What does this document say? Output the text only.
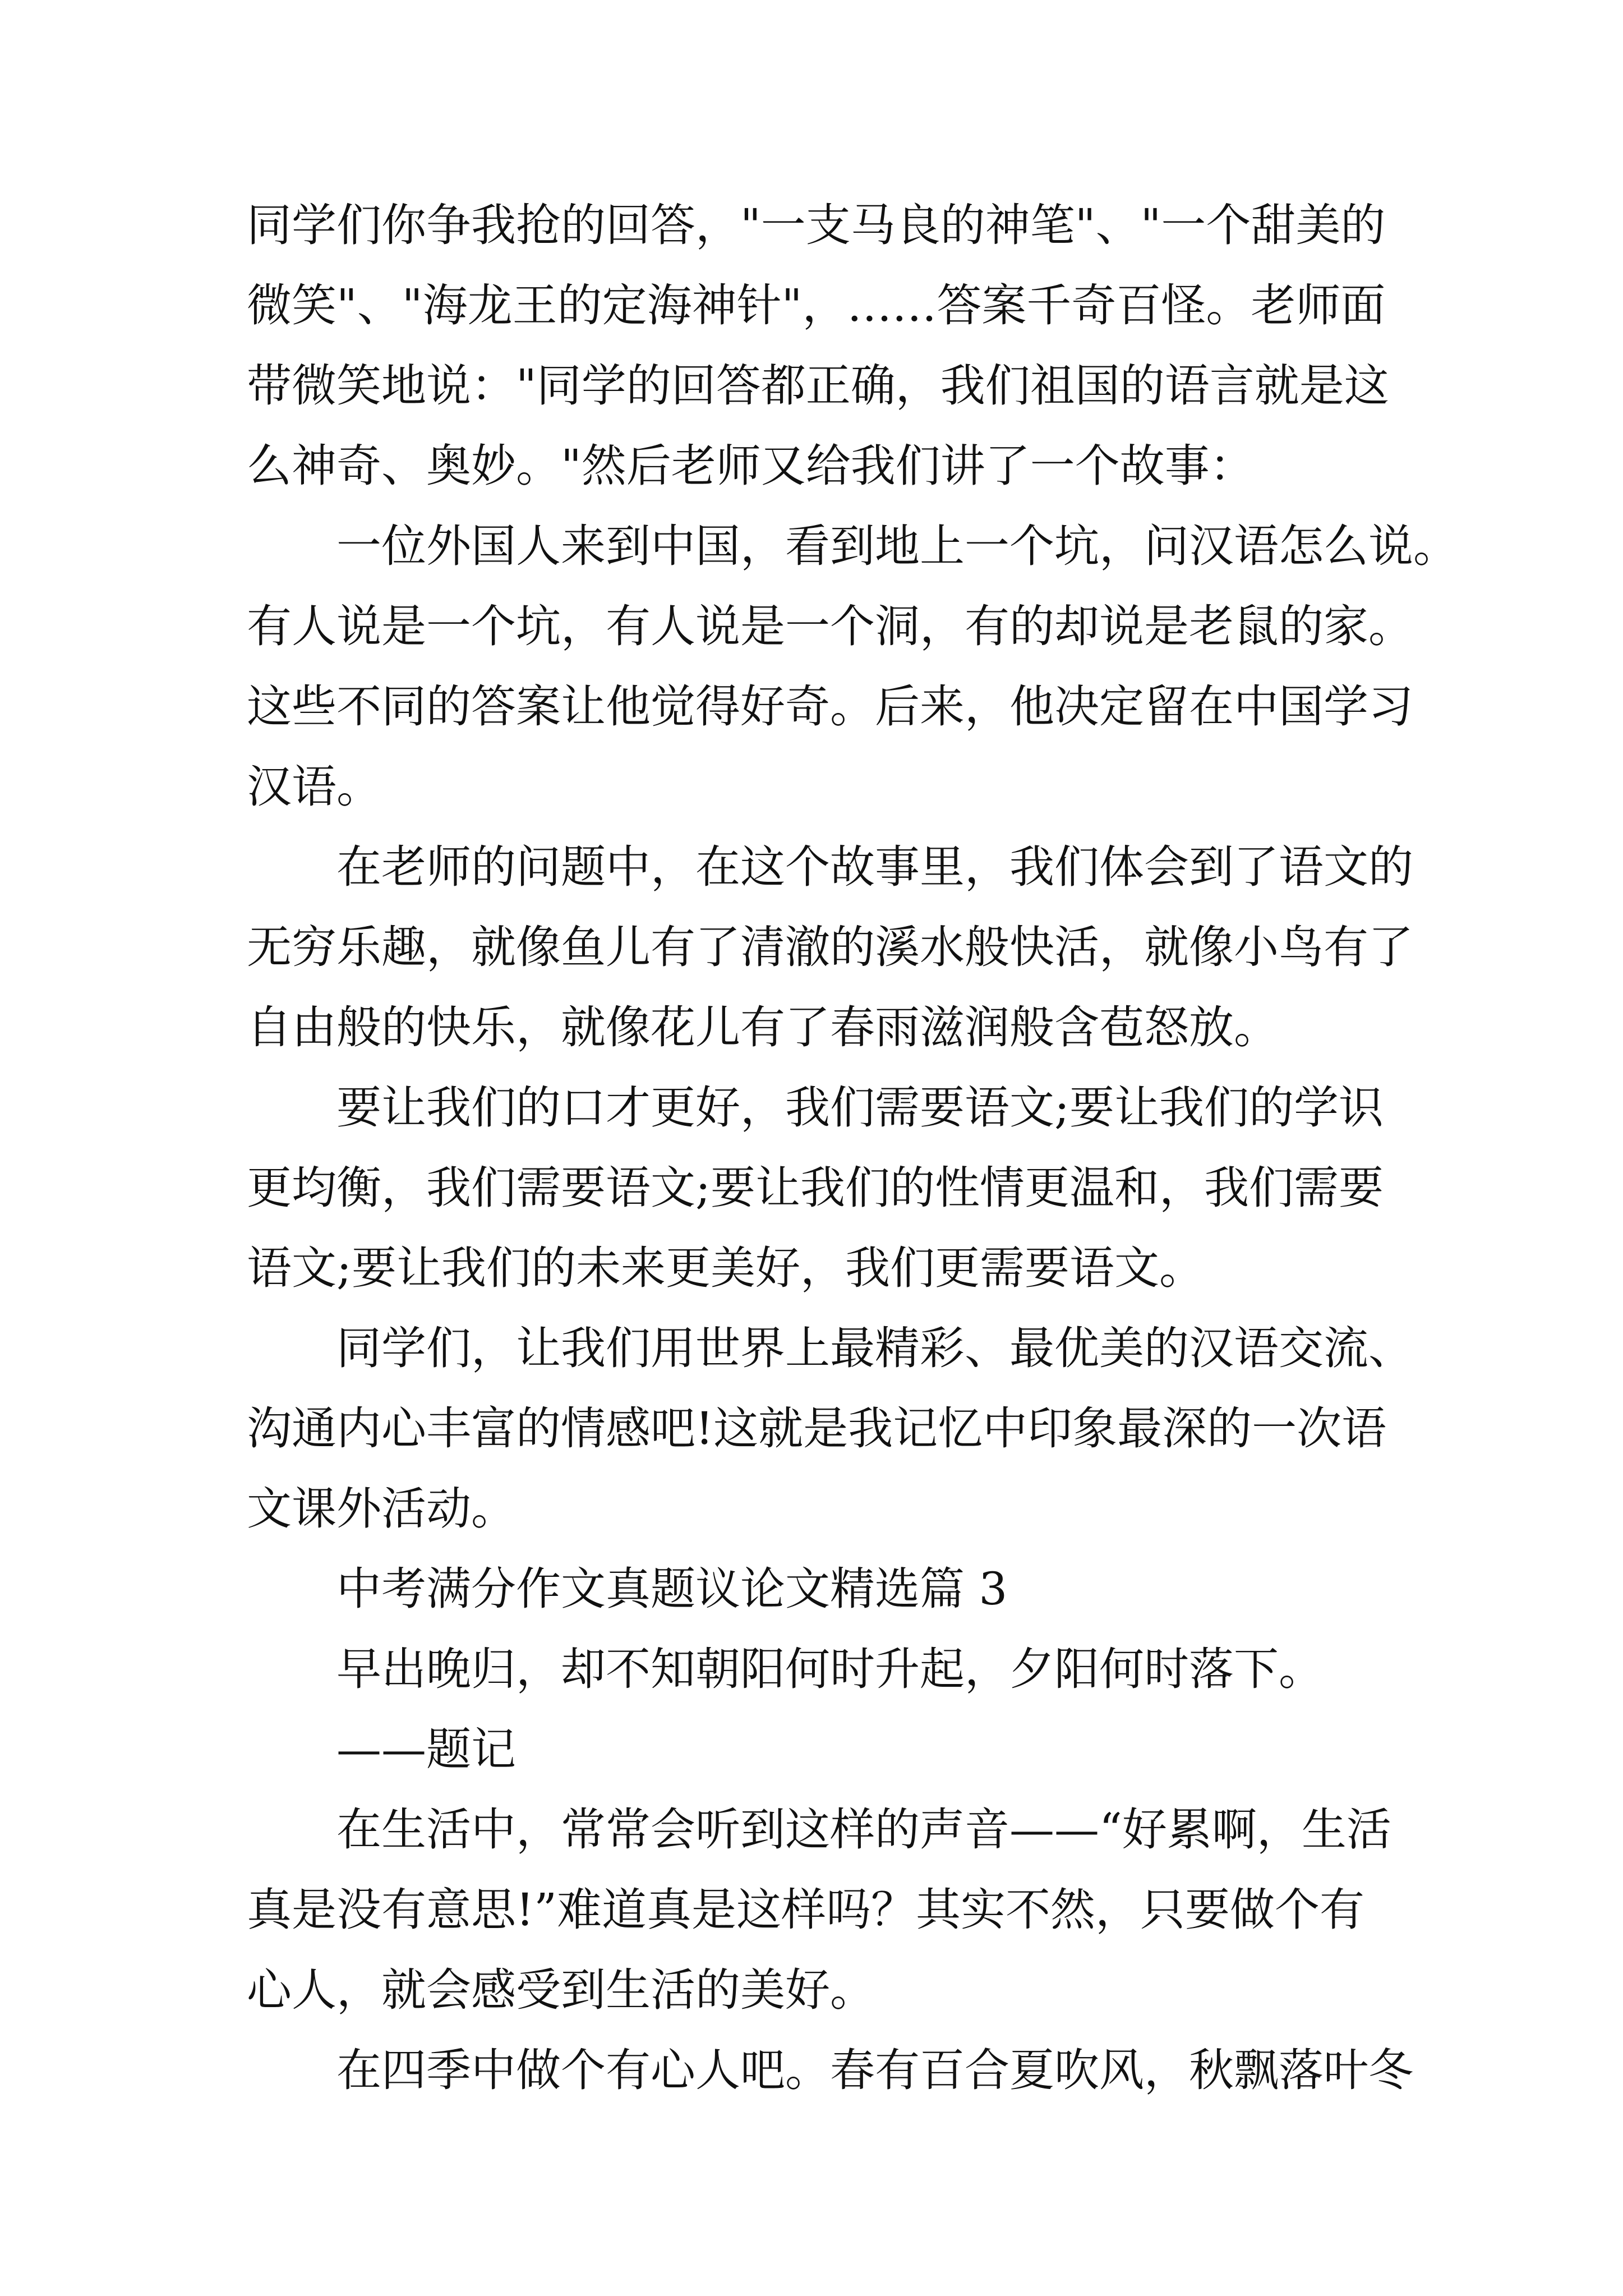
同学们你争我抢的回答，"一支马良的神笔"、"一个甜美的
微笑"、"海龙王的定海神针"，……答案千奇百怪。老师面
带微笑地说："同学的回答都正确，我们祖国的语言就是这
么神奇、奥妙。"然后老师又给我们讲了一个故事：
一位外国人来到中国，看到地上一个坑，问汉语怎么说。
有人说是一个坑，有人说是一个洞，有的却说是老鼠的家。
这些不同的答案让他觉得好奇。后来，他决定留在中国学习
汉语。
在老师的问题中，在这个故事里，我们体会到了语文的
无穷乐趣，就像鱼儿有了清澈的溪水般快活，就像小鸟有了
自由般的快乐，就像花儿有了春雨滋润般含苞怒放。
要让我们的口才更好，我们需要语文;要让我们的学识
更均衡，我们需要语文;要让我们的性情更温和，我们需要
语文;要让我们的未来更美好，我们更需要语文。
同学们，让我们用世界上最精彩、最优美的汉语交流、
沟通内心丰富的情感吧!这就是我记忆中印象最深的一次语
文课外活动。
中考满分作文真题议论文精选篇 3
早出晚归，却不知朝阳何时升起，夕阳何时落下。
——题记
在生活中，常常会听到这样的声音——“好累啊，生活
真是没有意思!”难道真是这样吗？其实不然，只要做个有
心人，就会感受到生活的美好。
在四季中做个有心人吧。春有百合夏吹风，秋飘落叶冬
